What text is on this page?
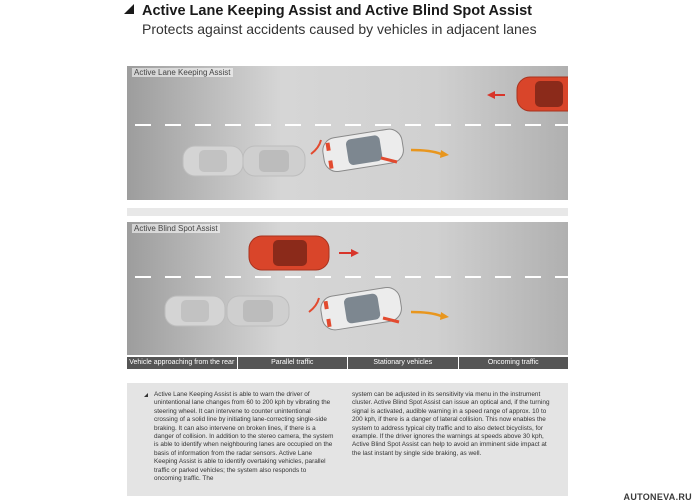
Active Lane Keeping Assist and Active Blind Spot Assist
Protects against accidents caused by vehicles in adjacent lanes
Active Lane Keeping Assist
Active Blind Spot Assist
Vehicle approaching from the rear	Parallel traffic	Stationary vehicles	Oncoming traffic
Active Lane Keeping Assist is able to warn the driver of unintentional lane changes from 60 to 200 kph by vibrating the steering wheel. It can intervene to counter unintentional crossing of a solid line by initiating lane-correcting single-side braking. It can also intervene on broken lines, if there is a danger of collision. In addition to the stereo camera, the system is able to identify when neighbouring lanes are occupied on the basis of information from the radar sensors. Active Lane Keeping Assist is able to identify overtaking vehicles, parallel traffic or parked vehicles; the system also responds to oncoming traffic. The
system can be adjusted in its sensitivity via menu in the instrument cluster. Active Blind Spot Assist can issue an optical and, if the turning signal is activated, audible warning in a speed range of approx. 10 to 200 kph, if there is a danger of lateral collision. This now enables the system to address typical city traffic and to also detect bicyclists, for example. If the driver ignores the warnings at speeds above 30 kph, Active Blind Spot Assist can help to avoid an imminent side impact at the last instant by single side braking, as well.
AUTONEVA.RU
